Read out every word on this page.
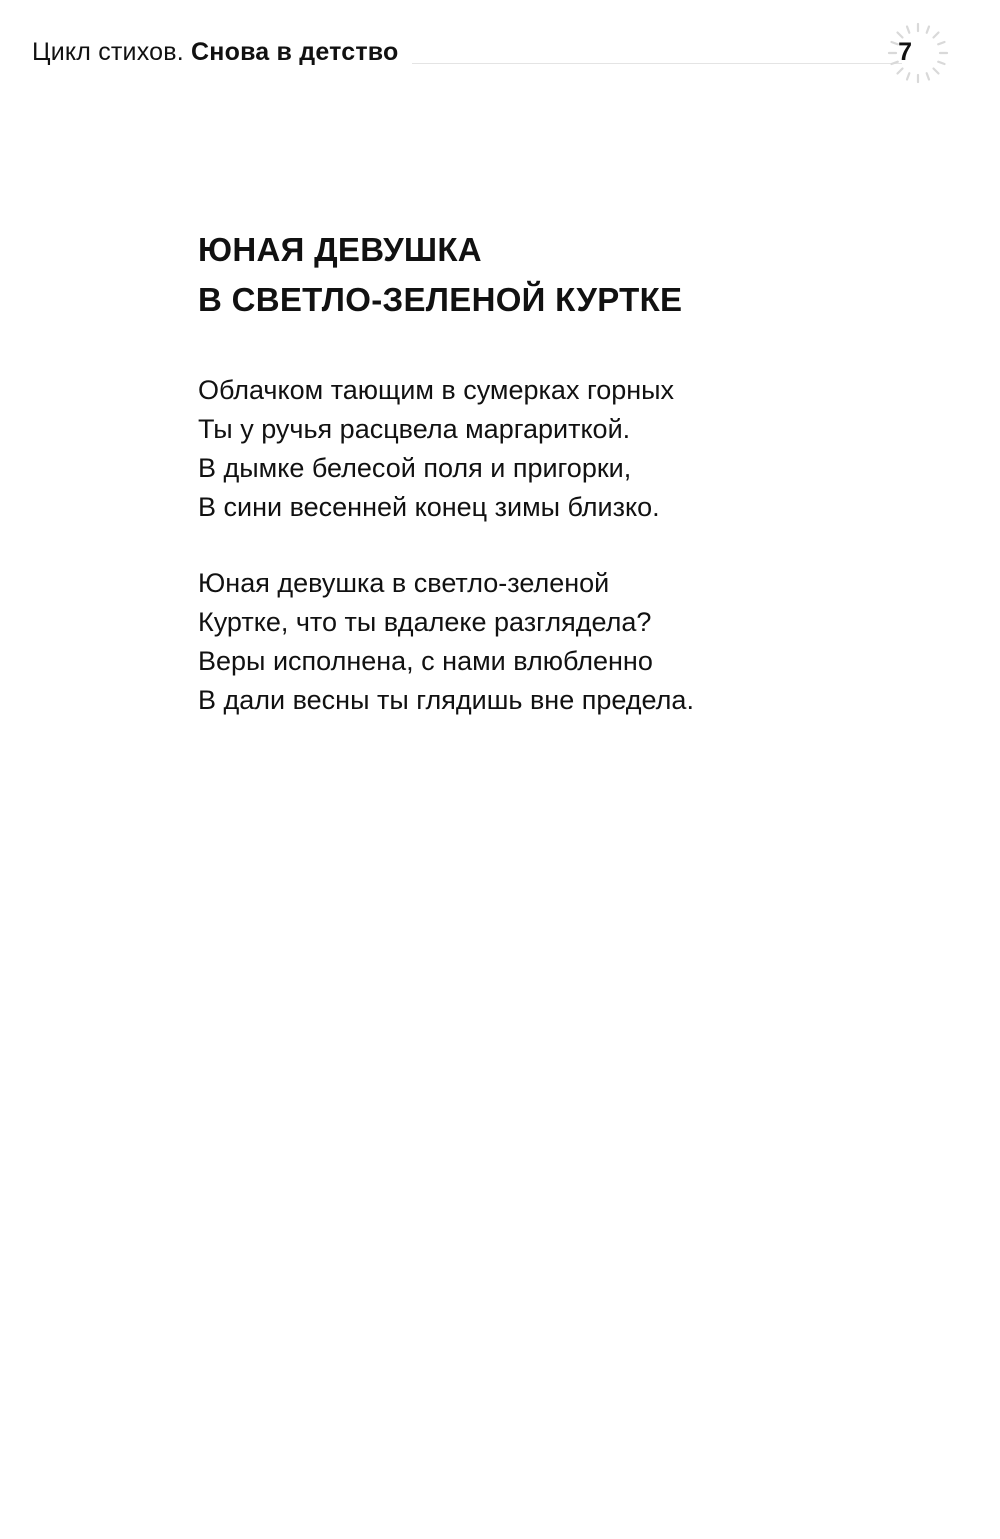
Цикл стихов. Снова в детство	7
ЮНАЯ ДЕВУШКА
В СВЕТЛО-ЗЕЛЕНОЙ КУРТКЕ

Облачком тающим в сумерках горных
Ты у ручья расцвела маргариткой.
В дымке белесой поля и пригорки,
В сини весенней конец зимы близко.

Юная девушка в светло-зеленой
Куртке, что ты вдалеке разглядела?
Веры исполнена, с нами влюбленно
В дали весны ты глядишь вне предела.
